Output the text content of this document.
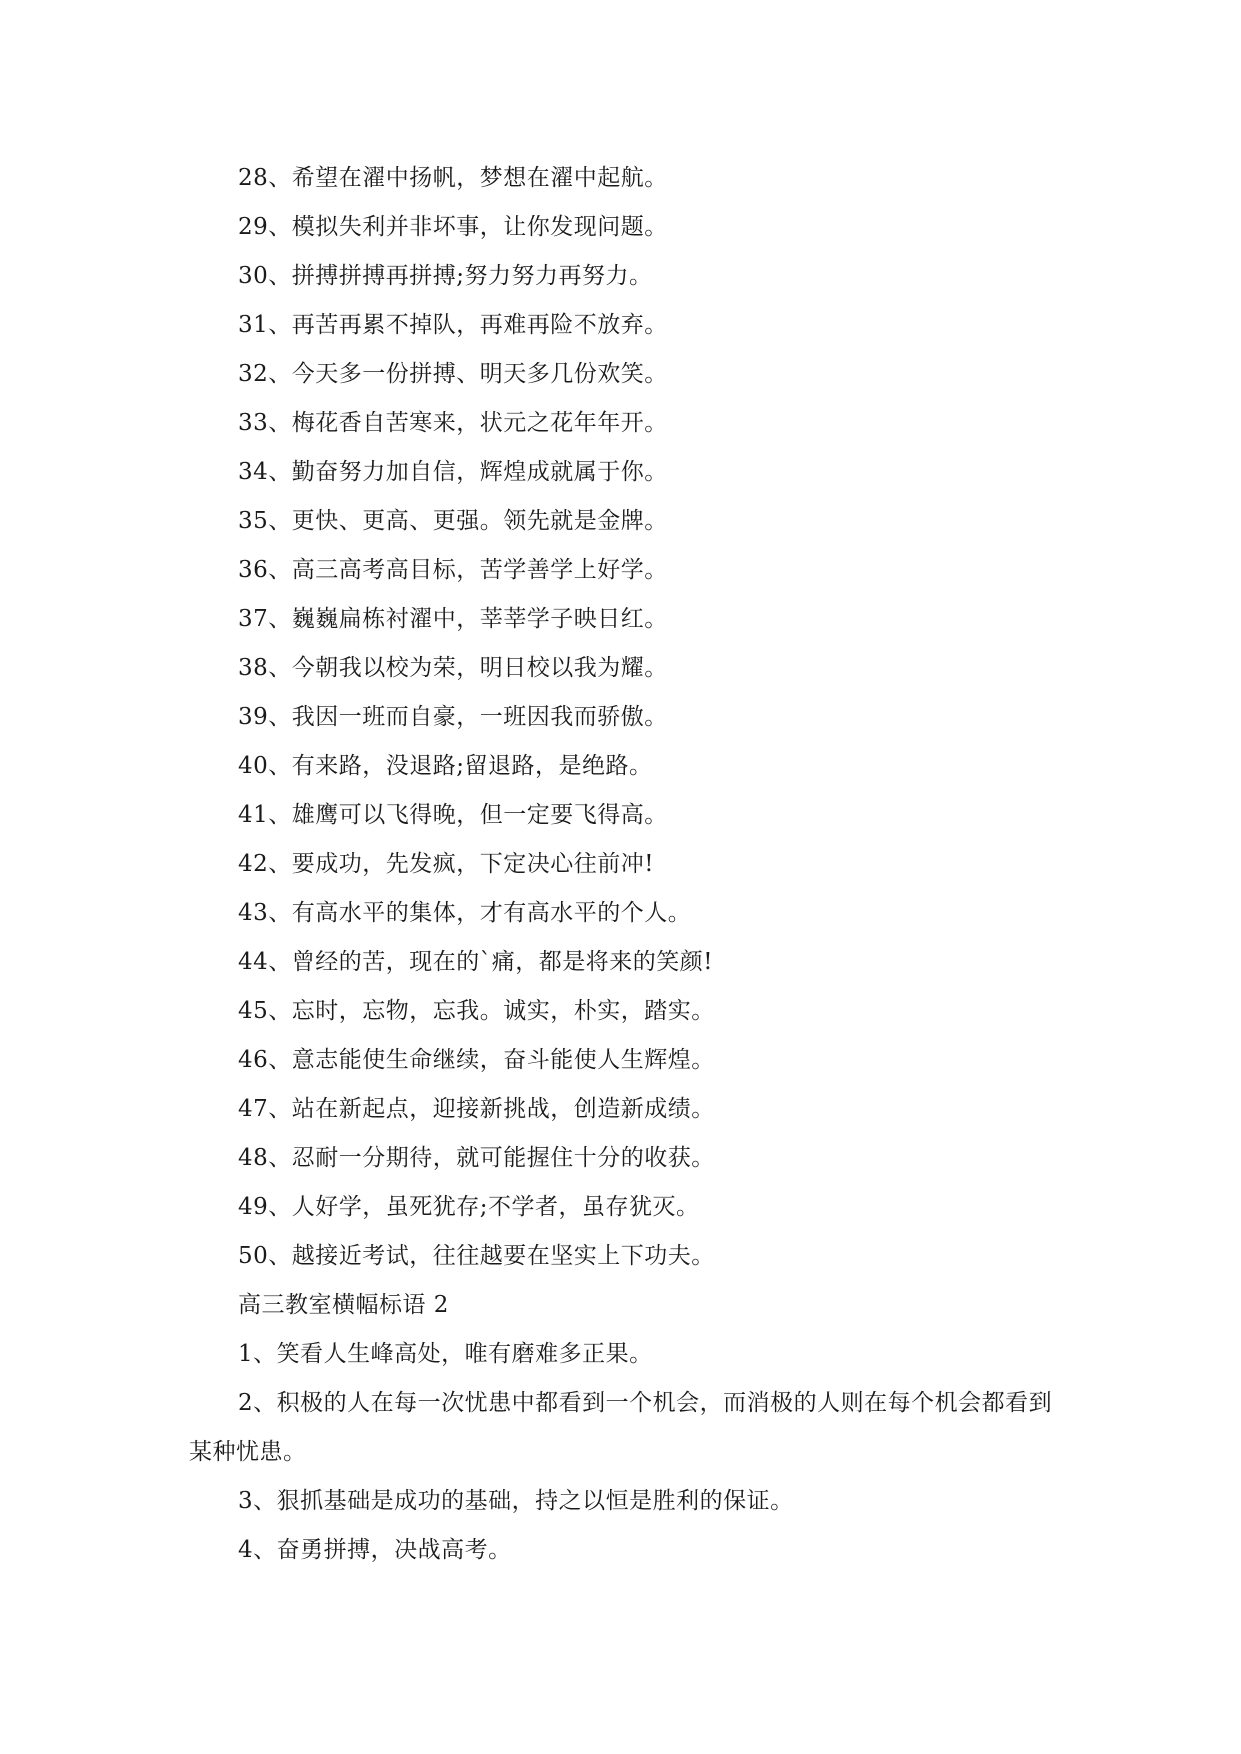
28、希望在濯中扬帆，梦想在濯中起航。
29、模拟失利并非坏事，让你发现问题。
30、拼搏拼搏再拼搏;努力努力再努力。
31、再苦再累不掉队，再难再险不放弃。
32、今天多一份拼搏、明天多几份欢笑。
33、梅花香自苦寒来，状元之花年年开。
34、勤奋努力加自信，辉煌成就属于你。
35、更快、更高、更强。领先就是金牌。
36、高三高考高目标，苦学善学上好学。
37、巍巍扁栋衬濯中，莘莘学子映日红。
38、今朝我以校为荣，明日校以我为耀。
39、我因一班而自豪，一班因我而骄傲。
40、有来路，没退路;留退路，是绝路。
41、雄鹰可以飞得晚，但一定要飞得高。
42、要成功，先发疯，下定决心往前冲!
43、有高水平的集体，才有高水平的个人。
44、曾经的苦，现在的`痛，都是将来的笑颜!
45、忘时，忘物，忘我。诚实，朴实，踏实。
46、意志能使生命继续，奋斗能使人生辉煌。
47、站在新起点，迎接新挑战，创造新成绩。
48、忍耐一分期待，就可能握住十分的收获。
49、人好学，虽死犹存;不学者，虽存犹灭。
50、越接近考试，往往越要在坚实上下功夫。
高三教室横幅标语 2
1、笑看人生峰高处，唯有磨难多正果。
2、积极的人在每一次忧患中都看到一个机会，而消极的人则在每个机会都看到某种忧患。
3、狠抓基础是成功的基础，持之以恒是胜利的保证。
4、奋勇拼搏，决战高考。
